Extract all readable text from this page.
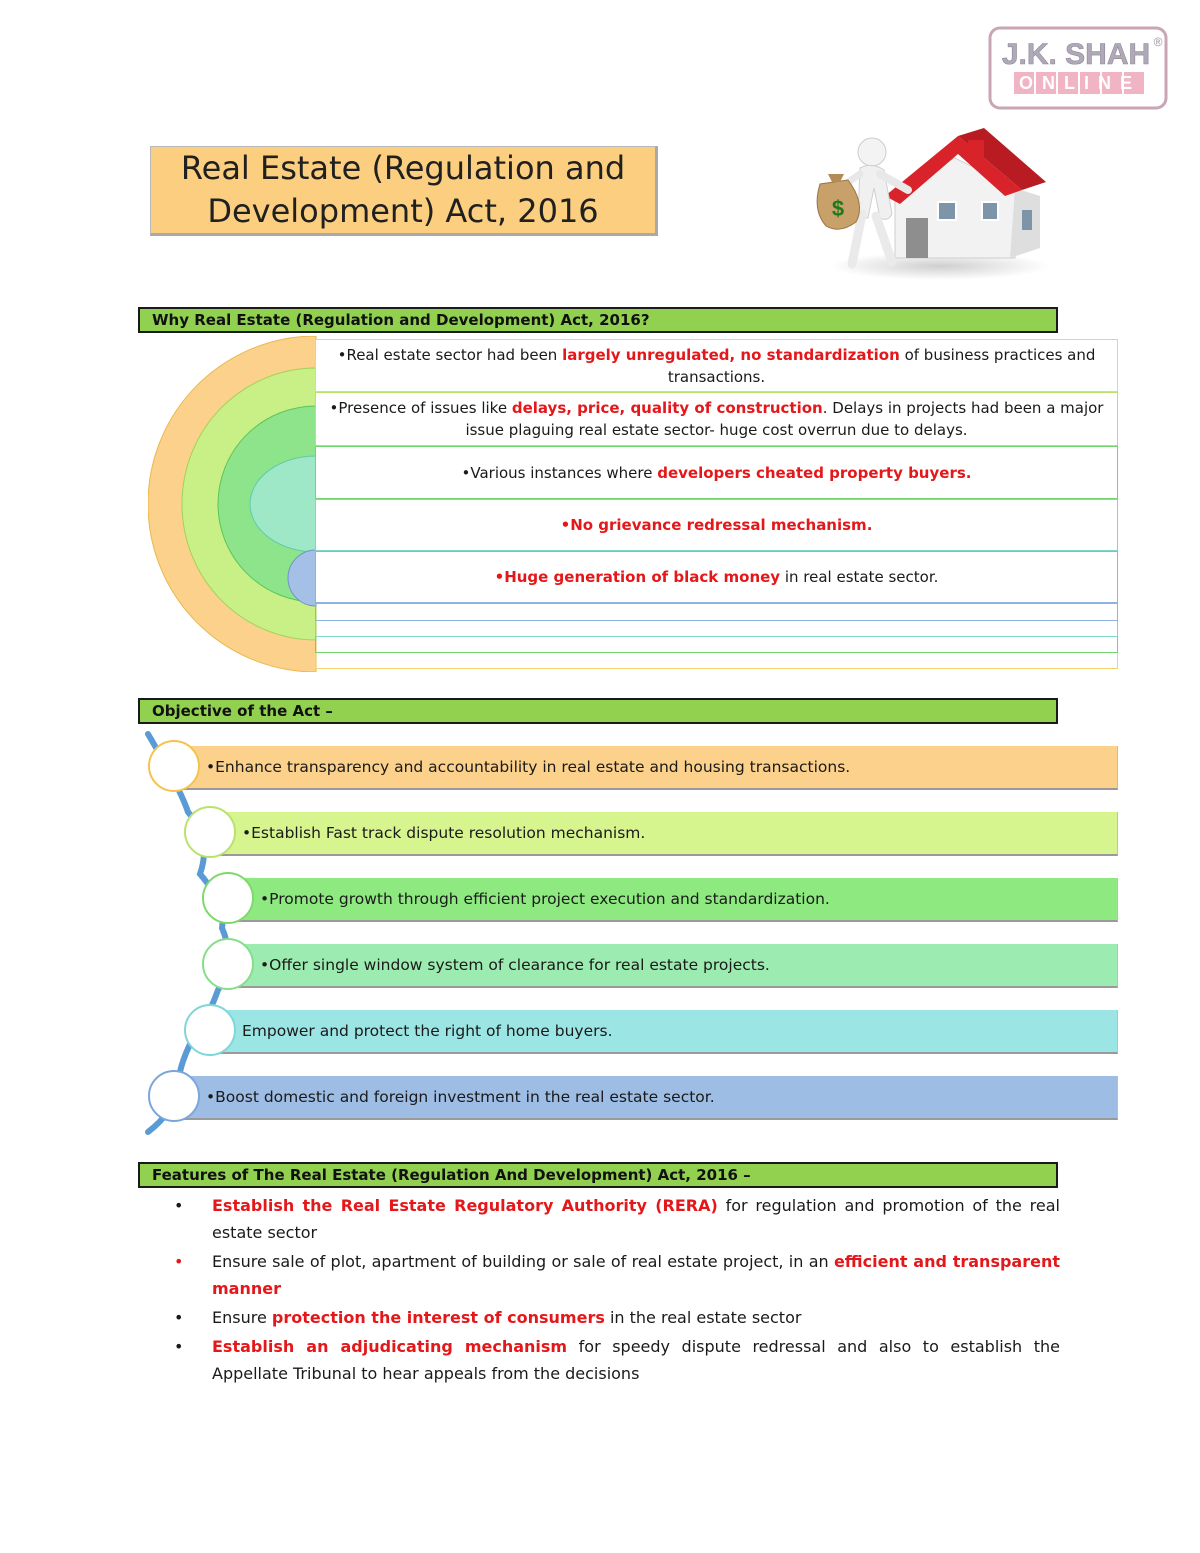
J.K. SHAH ®
ONLINE
Real Estate (Regulation and
Development) Act, 2016	$
Why Real Estate (Regulation and Development) Act, 2016?
•Real estate sector had been largely unregulated, no standardization of business practices and transactions.
•Presence of issues like delays, price, quality of construction. Delays in projects had been a major issue plaguing real estate sector- huge cost overrun due to delays.
•Various instances where developers cheated property buyers.
•No grievance redressal mechanism.
•Huge generation of black money in real estate sector.
Objective of the Act –
•Enhance transparency and accountability in real estate and housing transactions.
•Establish Fast track dispute resolution mechanism.
•Promote growth through efficient project execution and standardization.
•Offer single window system of clearance for real estate projects.
Empower and protect the right of home buyers.
•Boost domestic and foreign investment in the real estate sector.
Features of The Real Estate (Regulation And Development) Act, 2016 –
• Establish the Real Estate Regulatory Authority (RERA) for regulation and promotion of the real estate sector
• Ensure sale of plot, apartment of building or sale of real estate project, in an efficient and transparent manner
• Ensure protection the interest of consumers in the real estate sector
• Establish an adjudicating mechanism for speedy dispute redressal and also to establish the Appellate Tribunal to hear appeals from the decisions
